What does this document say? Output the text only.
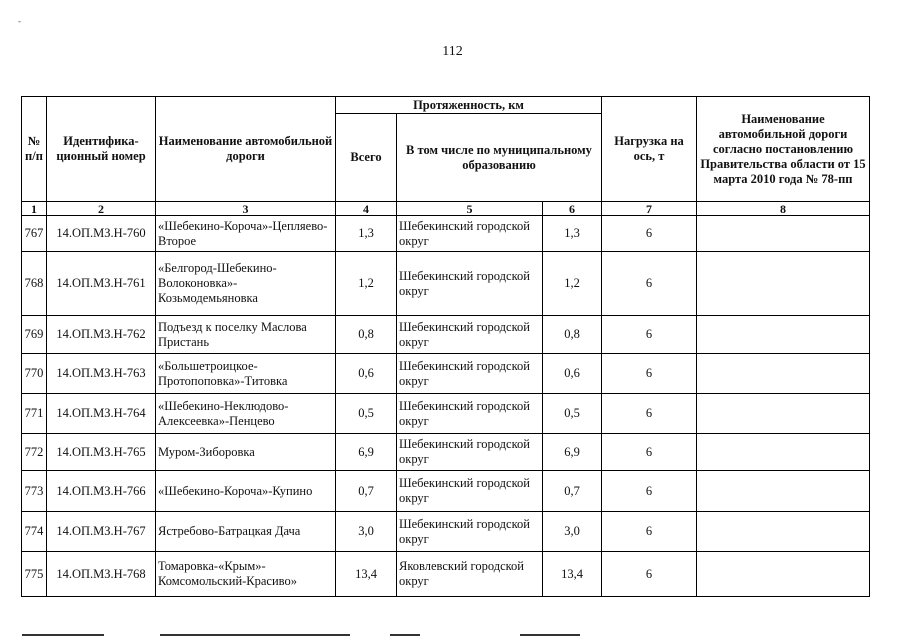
-
112
№ п/п	Идентифика-ционный номер	Наименование автомобильной дороги	Протяженность, км			Нагрузка на ось, т	Наименование автомобильной дороги согласно постановлению Правительства области от 15 марта 2010 года № 78-пп
			Всего	В том числе по муниципальному образованию			
1	2	3	4	5	6	7	8
767	14.ОП.МЗ.Н-760	«Шебекино-Короча»-Цепляево-Второе	1,3	Шебекинский городской округ	1,3	6	
768	14.ОП.МЗ.Н-761	«Белгород-Шебекино-Волоконовка»-Козьмодемьяновка	1,2	Шебекинский городской округ	1,2	6	
769	14.ОП.МЗ.Н-762	Подъезд к поселку Маслова Пристань	0,8	Шебекинский городской округ	0,8	6	
770	14.ОП.МЗ.Н-763	«Большетроицкое-Протопоповка»-Титовка	0,6	Шебекинский городской округ	0,6	6	
771	14.ОП.МЗ.Н-764	«Шебекино-Неклюдово-Алексеевка»-Пенцево	0,5	Шебекинский городской округ	0,5	6	
772	14.ОП.МЗ.Н-765	Муром-Зиборовка	6,9	Шебекинский городской округ	6,9	6	
773	14.ОП.МЗ.Н-766	«Шебекино-Короча»-Купино	0,7	Шебекинский городской округ	0,7	6	
774	14.ОП.МЗ.Н-767	Ястребово-Батрацкая Дача	3,0	Шебекинский городской округ	3,0	6	
775	14.ОП.МЗ.Н-768	Томаровка-«Крым»-Комсомольский-Красиво»	13,4	Яковлевский городской округ	13,4	6	
